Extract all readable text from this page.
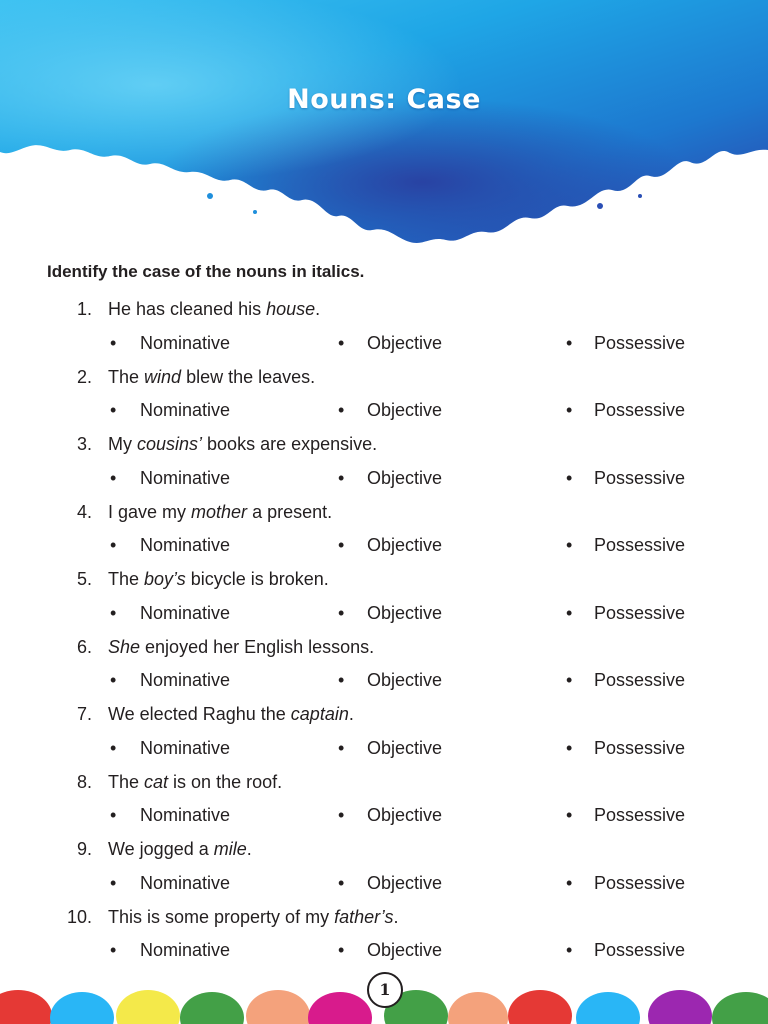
Nouns: Case
Identify the case of the nouns in italics.
1. He has cleaned his house.
• Nominative	• Objective	• Possessive
2. The wind blew the leaves.
• Nominative	• Objective	• Possessive
3. My cousins’ books are expensive.
• Nominative	• Objective	• Possessive
4. I gave my mother a present.
• Nominative	• Objective	• Possessive
5. The boy’s bicycle is broken.
• Nominative	• Objective	• Possessive
6. She enjoyed her English lessons.
• Nominative	• Objective	• Possessive
7. We elected Raghu the captain.
• Nominative	• Objective	• Possessive
8. The cat is on the roof.
• Nominative	• Objective	• Possessive
9. We jogged a mile.
• Nominative	• Objective	• Possessive
10. This is some property of my father’s.
• Nominative	• Objective	• Possessive
1
